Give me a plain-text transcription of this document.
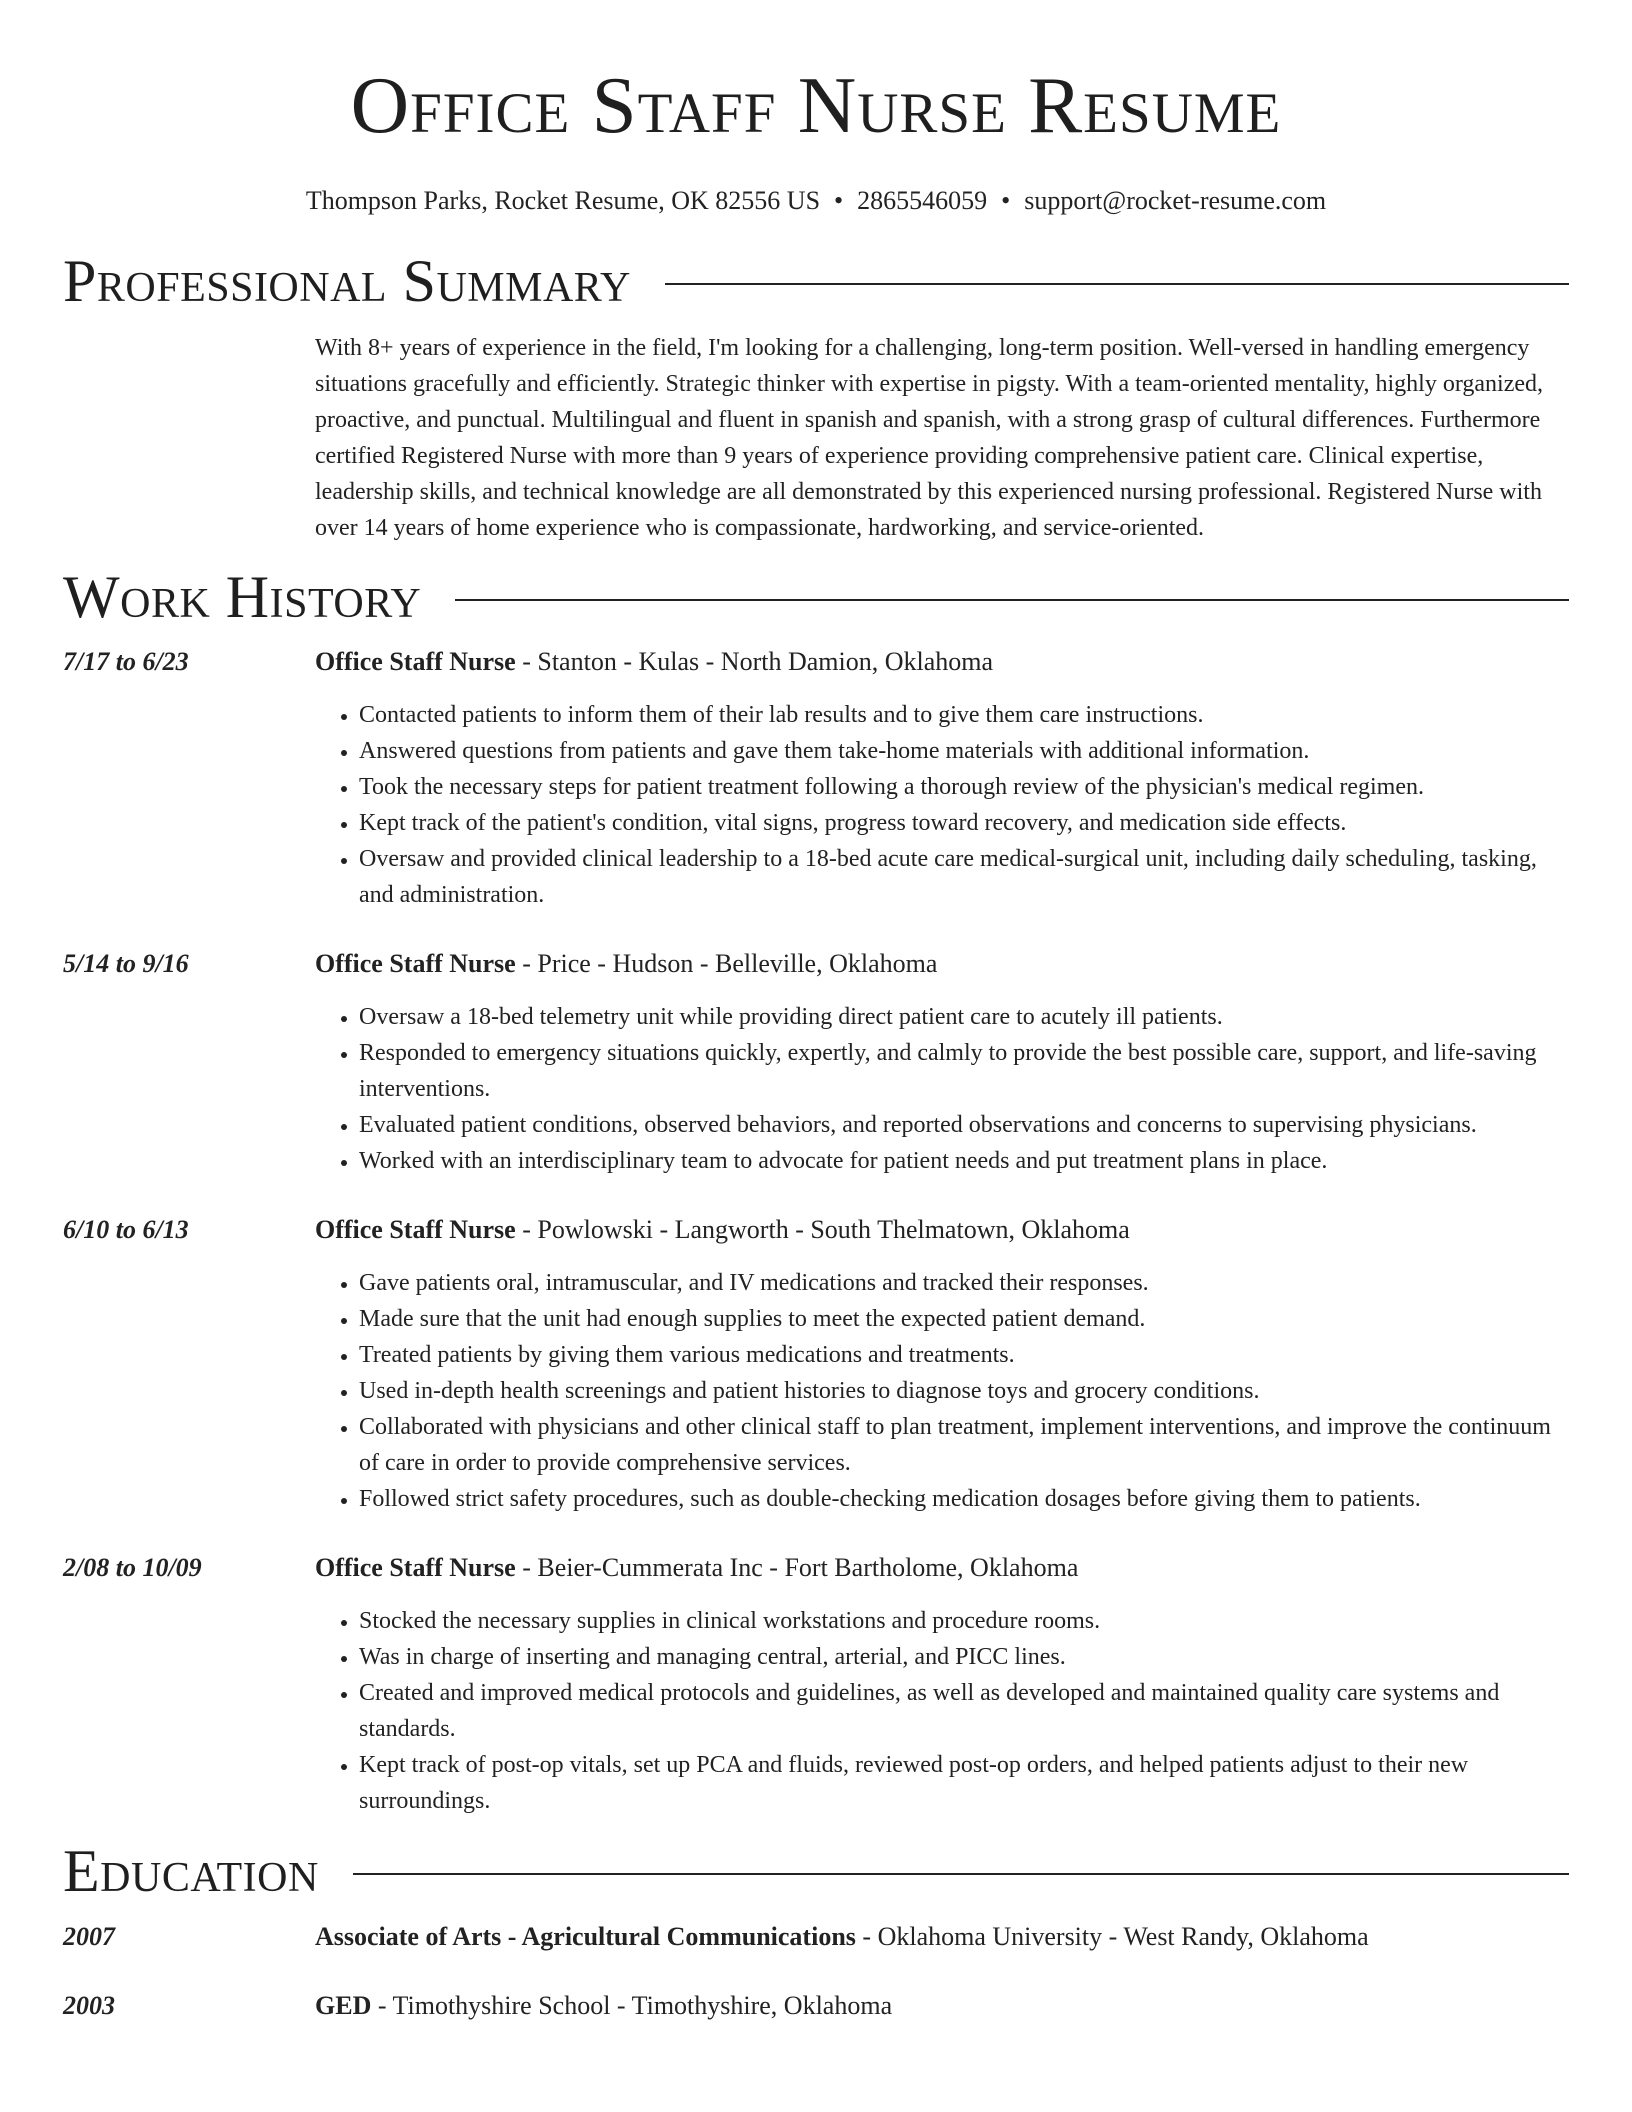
Office Staff Nurse Resume
Thompson Parks, Rocket Resume, OK 82556 US • 2865546059 • support@rocket-resume.com
Professional Summary
With 8+ years of experience in the field, I'm looking for a challenging, long-term position. Well-versed in handling emergency situations gracefully and efficiently. Strategic thinker with expertise in pigsty. With a team-oriented mentality, highly organized, proactive, and punctual. Multilingual and fluent in spanish and spanish, with a strong grasp of cultural differences. Furthermore certified Registered Nurse with more than 9 years of experience providing comprehensive patient care. Clinical expertise, leadership skills, and technical knowledge are all demonstrated by this experienced nursing professional. Registered Nurse with over 14 years of home experience who is compassionate, hardworking, and service-oriented.
Work History
7/17 to 6/23	Office Staff Nurse - Stanton - Kulas - North Damion, Oklahoma
• Contacted patients to inform them of their lab results and to give them care instructions.
• Answered questions from patients and gave them take-home materials with additional information.
• Took the necessary steps for patient treatment following a thorough review of the physician's medical regimen.
• Kept track of the patient's condition, vital signs, progress toward recovery, and medication side effects.
• Oversaw and provided clinical leadership to a 18-bed acute care medical-surgical unit, including daily scheduling, tasking, and administration.
5/14 to 9/16	Office Staff Nurse - Price - Hudson - Belleville, Oklahoma
• Oversaw a 18-bed telemetry unit while providing direct patient care to acutely ill patients.
• Responded to emergency situations quickly, expertly, and calmly to provide the best possible care, support, and life-saving interventions.
• Evaluated patient conditions, observed behaviors, and reported observations and concerns to supervising physicians.
• Worked with an interdisciplinary team to advocate for patient needs and put treatment plans in place.
6/10 to 6/13	Office Staff Nurse - Powlowski - Langworth - South Thelmatown, Oklahoma
• Gave patients oral, intramuscular, and IV medications and tracked their responses.
• Made sure that the unit had enough supplies to meet the expected patient demand.
• Treated patients by giving them various medications and treatments.
• Used in-depth health screenings and patient histories to diagnose toys and grocery conditions.
• Collaborated with physicians and other clinical staff to plan treatment, implement interventions, and improve the continuum of care in order to provide comprehensive services.
• Followed strict safety procedures, such as double-checking medication dosages before giving them to patients.
2/08 to 10/09	Office Staff Nurse - Beier-Cummerata Inc - Fort Bartholome, Oklahoma
• Stocked the necessary supplies in clinical workstations and procedure rooms.
• Was in charge of inserting and managing central, arterial, and PICC lines.
• Created and improved medical protocols and guidelines, as well as developed and maintained quality care systems and standards.
• Kept track of post-op vitals, set up PCA and fluids, reviewed post-op orders, and helped patients adjust to their new surroundings.
Education
2007	Associate of Arts - Agricultural Communications - Oklahoma University - West Randy, Oklahoma
2003	GED - Timothyshire School - Timothyshire, Oklahoma
